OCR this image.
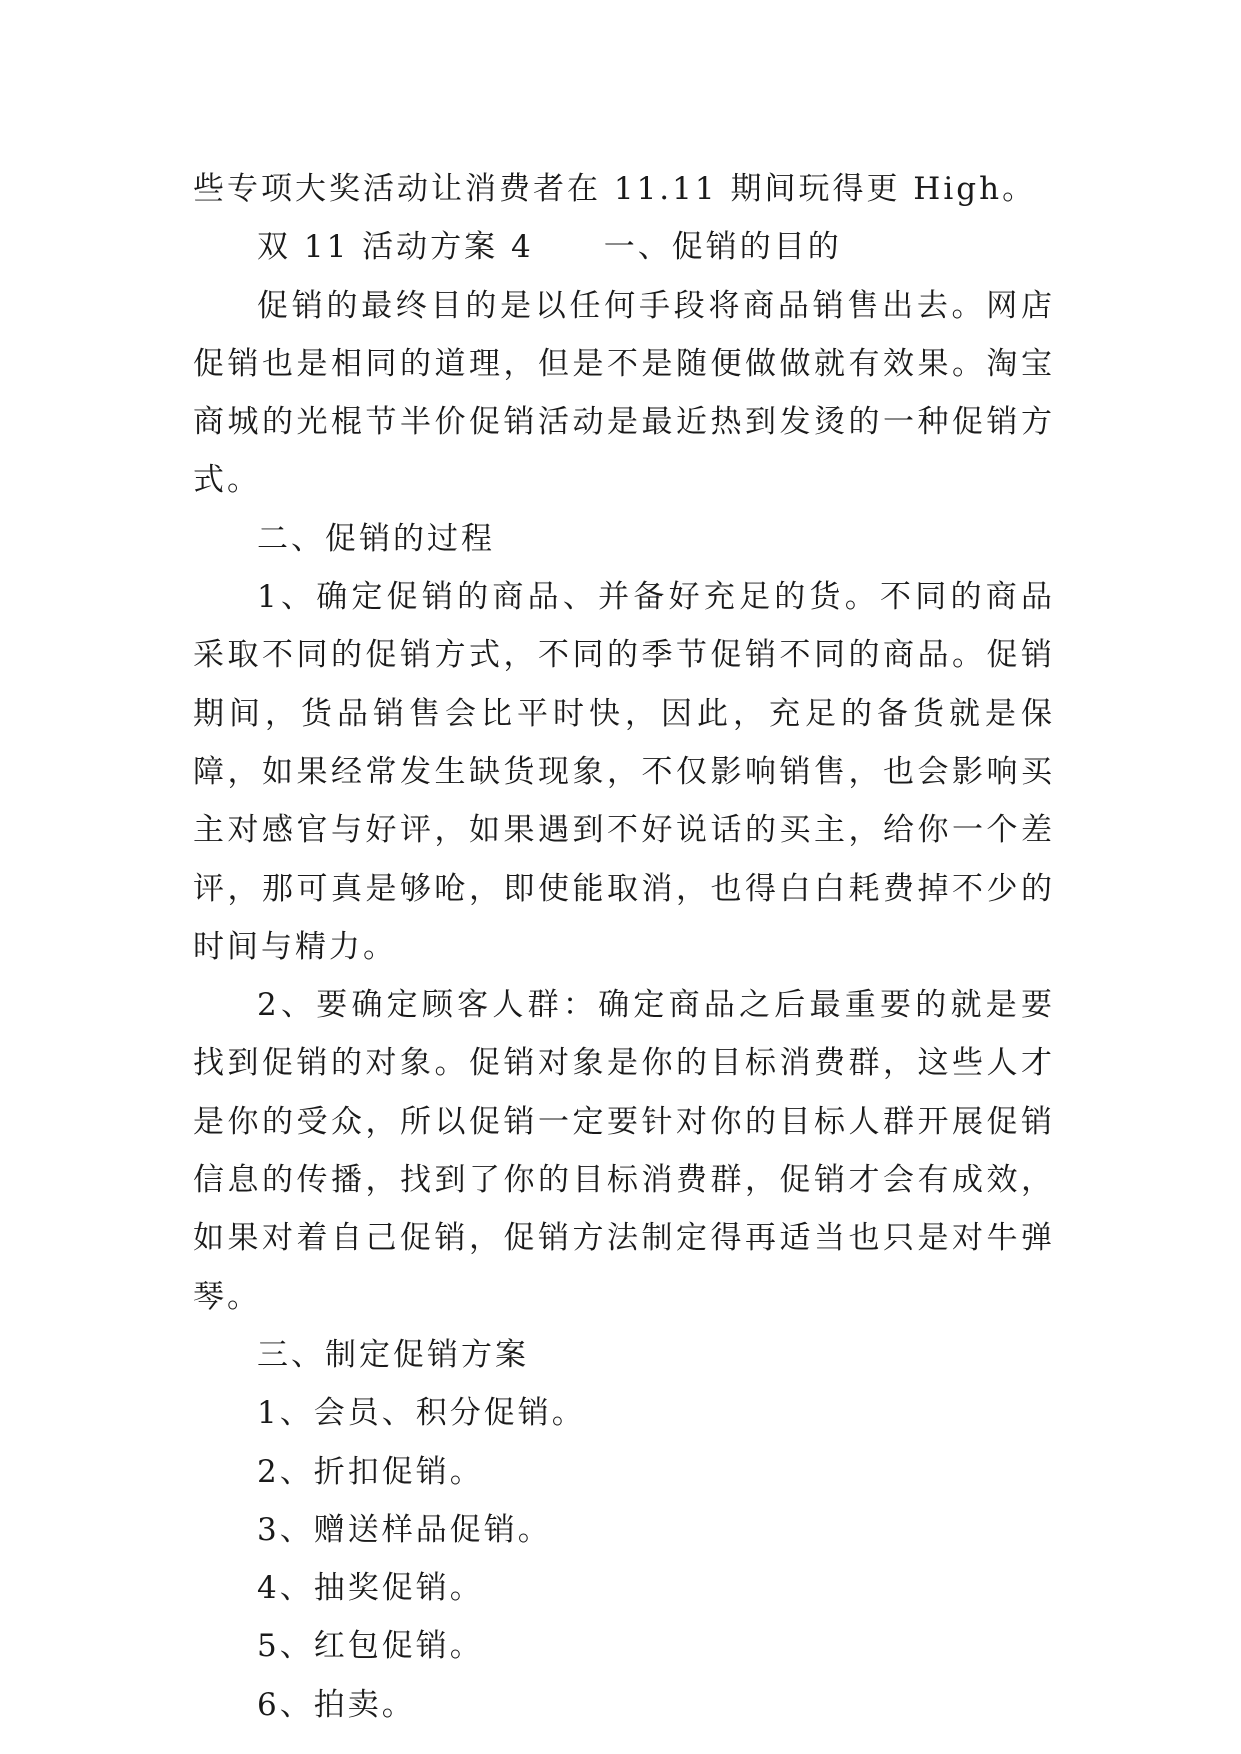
些专项大奖活动让消费者在 11.11 期间玩得更 High。

双 11 活动方案 4 一、促销的目的

促销的最终目的是以任何手段将商品销售出去。网店促销也是相同的道理，但是不是随便做做就有效果。淘宝商城的光棍节半价促销活动是最近热到发烫的一种促销方式。

二、促销的过程

1、确定促销的商品、并备好充足的货。不同的商品采取不同的促销方式，不同的季节促销不同的商品。促销期间，货品销售会比平时快，因此，充足的备货就是保障，如果经常发生缺货现象，不仅影响销售，也会影响买主对感官与好评，如果遇到不好说话的买主，给你一个差评，那可真是够呛，即使能取消，也得白白耗费掉不少的时间与精力。

2、要确定顾客人群：确定商品之后最重要的就是要找到促销的对象。促销对象是你的目标消费群，这些人才是你的受众，所以促销一定要针对你的目标人群开展促销信息的传播，找到了你的目标消费群，促销才会有成效，如果对着自己促销，促销方法制定得再适当也只是对牛弹琴。

三、制定促销方案

1、会员、积分促销。

2、折扣促销。

3、赠送样品促销。

4、抽奖促销。

5、红包促销。

6、拍卖。
